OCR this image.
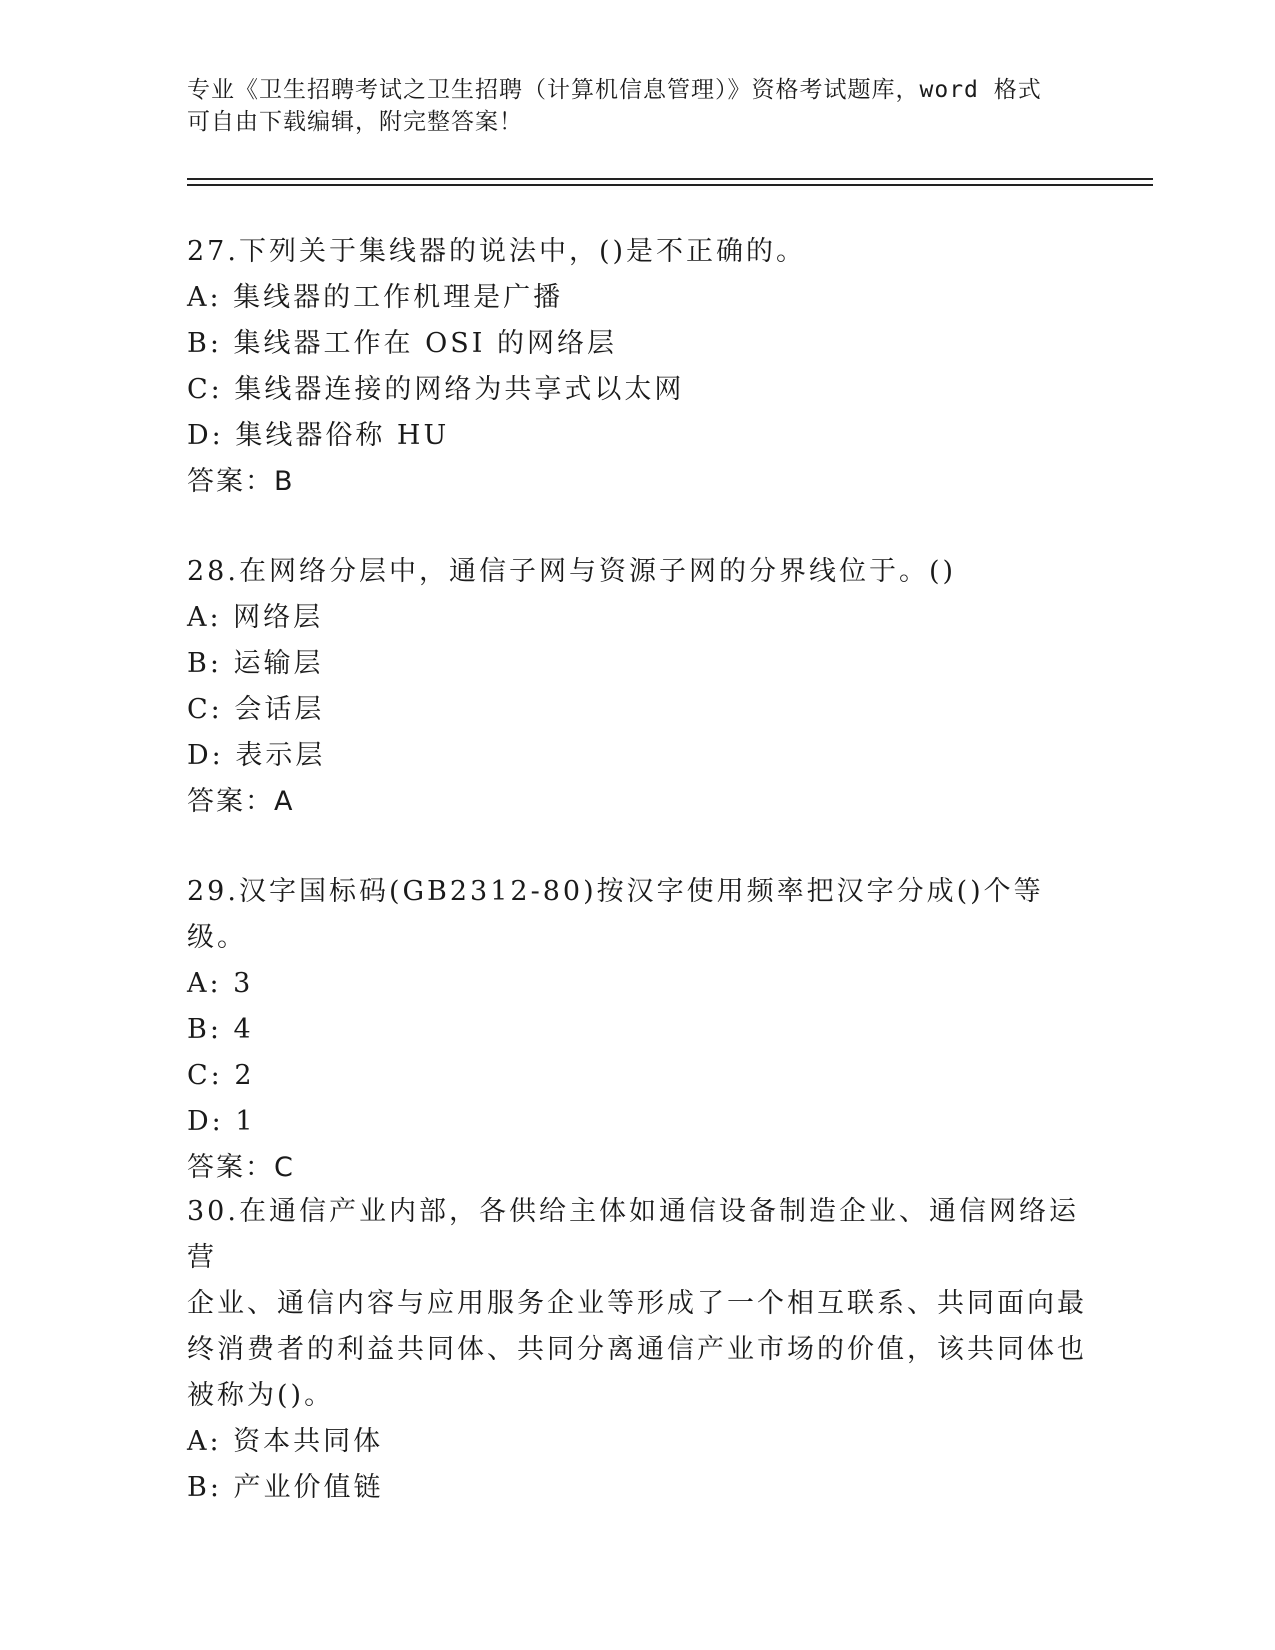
专业《卫生招聘考试之卫生招聘（计算机信息管理）》资格考试题库，word 格式
可自由下载编辑，附完整答案！

27.下列关于集线器的说法中，()是不正确的。

A: 集线器的工作机理是广播

B: 集线器工作在 OSI 的网络层

C: 集线器连接的网络为共享式以太网

D: 集线器俗称 HU

答案：B

28.在网络分层中，通信子网与资源子网的分界线位于。()

A: 网络层

B: 运输层

C: 会话层

D: 表示层

答案：A

29.汉字国标码(GB2312-80)按汉字使用频率把汉字分成()个等级。

A: 3

B: 4

C: 2

D: 1

答案：C

30.在通信产业内部，各供给主体如通信设备制造企业、通信网络运营

企业、通信内容与应用服务企业等形成了一个相互联系、共同面向最

终消费者的利益共同体、共同分离通信产业市场的价值，该共同体也

被称为()。

A: 资本共同体

B: 产业价值链
